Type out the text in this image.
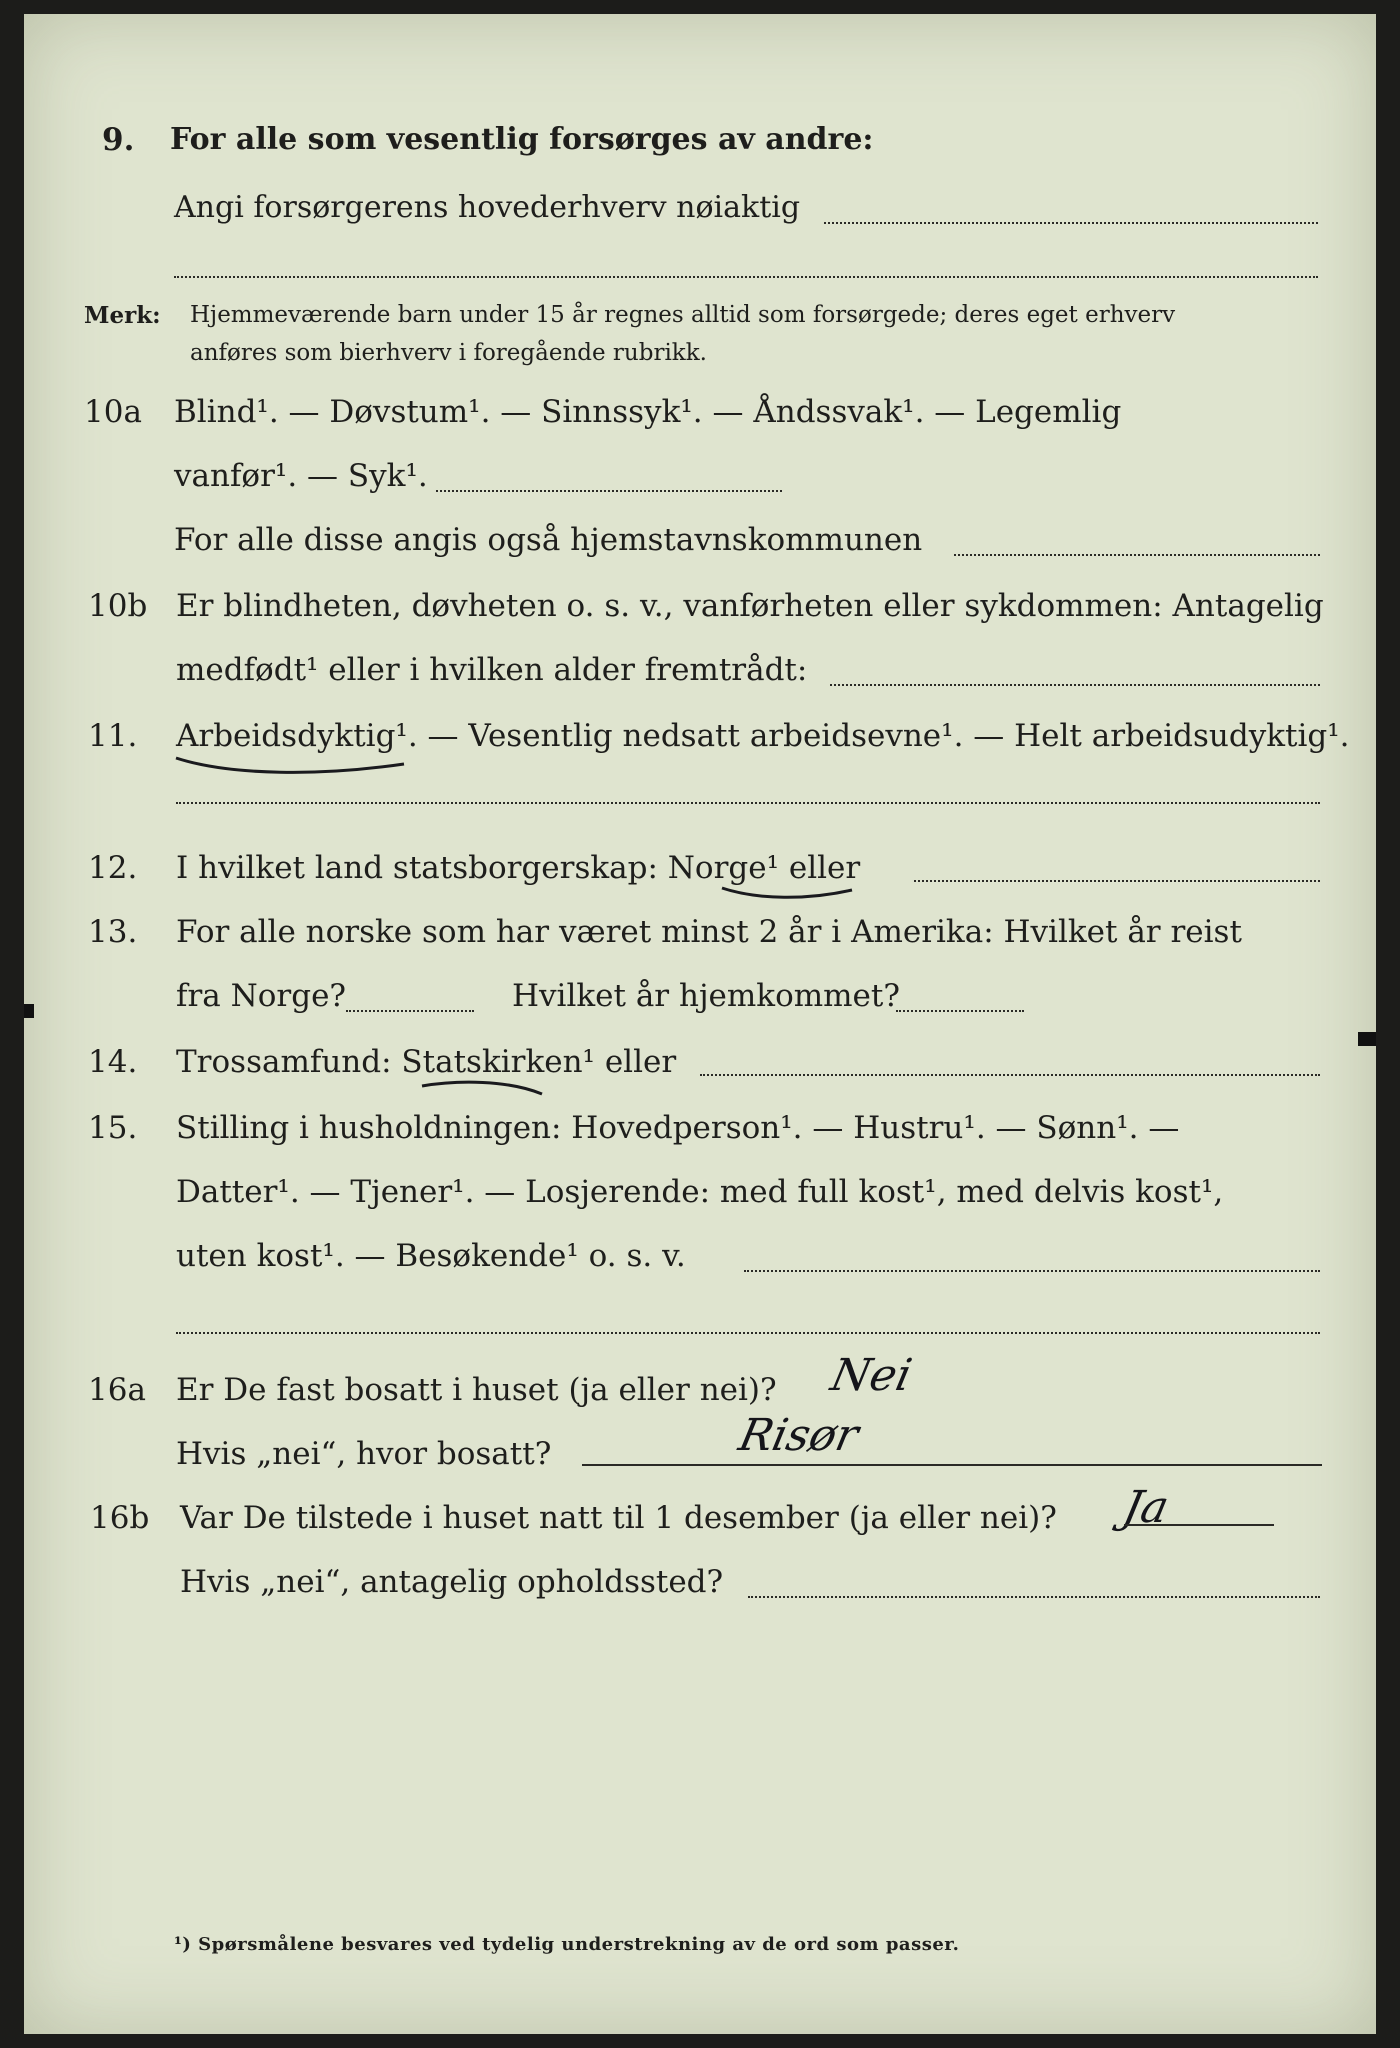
9. For alle som vesentlig forsørges av andre:
Angi forsørgerens hovederhverv nøiaktig
Merk: Hjemmeværende barn under 15 år regnes alltid som forsørgede; deres eget erhverv
anføres som bierhverv i foregående rubrikk.
10a Blind¹. — Døvstum¹. — Sinnssyk¹. — Åndssvak¹. — Legemlig
vanfør¹. — Syk¹.
For alle disse angis også hjemstavnskommunen
10b Er blindheten, døvheten o. s. v., vanførheten eller sykdommen: Antagelig
medfødt¹ eller i hvilken alder fremtrådt:
11. Arbeidsdyktig¹. — Vesentlig nedsatt arbeidsevne¹. — Helt arbeidsudyktig¹.
12. I hvilket land statsborgerskap: Norge¹ eller
13. For alle norske som har været minst 2 år i Amerika: Hvilket år reist
fra Norge?	Hvilket år hjemkommet?
14. Trossamfund: Statskirken¹ eller
15. Stilling i husholdningen: Hovedperson¹. — Hustru¹. — Sønn¹. —
Datter¹. — Tjener¹. — Losjerende: med full kost¹, med delvis kost¹,
uten kost¹. — Besøkende¹ o. s. v.
16a Er De fast bosatt i huset (ja eller nei)? Nei
Hvis „nei“, hvor bosatt?	Risør
16b Var De tilstede i huset natt til 1 desember (ja eller nei)? Ja
Hvis „nei“, antagelig opholdssted?
¹) Spørsmålene besvares ved tydelig understrekning av de ord som passer.
